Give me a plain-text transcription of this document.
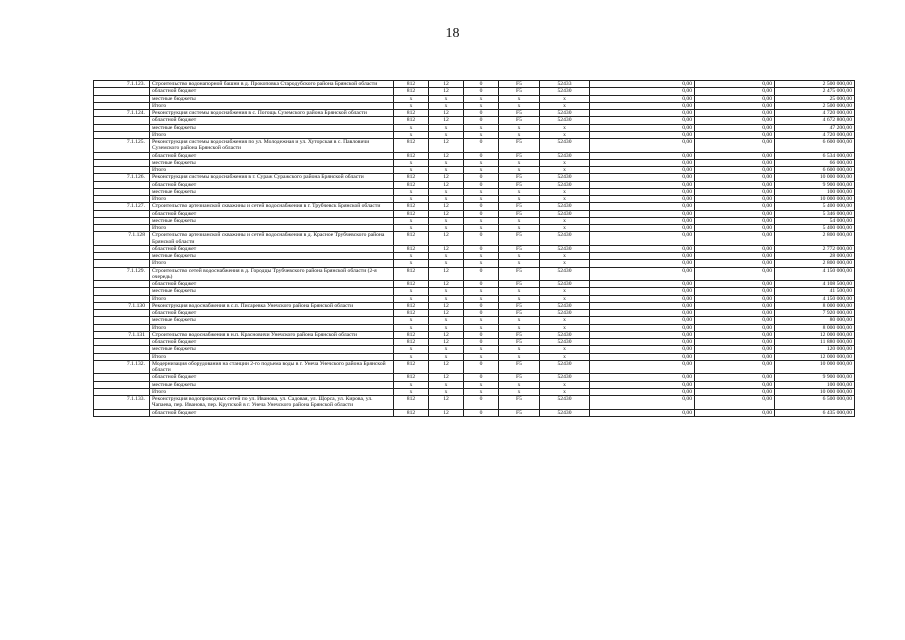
18
7.1.123.	Строительство водонапорной башни в д. Прокоповка Стародубского района Брянской области	812	12	0	F5	52433	0,00	0,00	2 500 000,00
	областной бюджет	812	12	0	F5	52430	0,00	0,00	2 475 000,00
	местные бюджеты	x	x	x	x	x	0,00	0,00	25 000,00
	Итого	x	x	x	x	x	0,00	0,00	2 500 000,00
7.1.124.	Реконструкция системы водоснабжения в с. Погощь Суземского района Брянской области	812	12	0	F5	52430	0,00	0,00	4 720 000,00
	областной бюджет	812	12	0	F5	52430	0,00	0,00	4 672 800,00
	местные бюджеты	x	x	x	x	x	0,00	0,00	47 200,00
	Итого	x	x	x	x	x	0,00	0,00	4 720 000,00
7.1.125.	Реконструкция системы водоснабжения по ул. Молодежная и ул. Хуторская в с. Павловичи Суземского района Брянской области	812	12	0	F5	52430	0,00	0,00	6 600 000,00
	областной бюджет	812	12	0	F5	52430	0,00	0,00	6 534 000,00
	местные бюджеты	x	x	x	x	x	0,00	0,00	66 000,00
	Итого	x	x	x	x	x	0,00	0,00	6 600 000,00
7.1.126.	Реконструкция системы водоснабжения в г. Сураж Суражского района Брянской области	812	12	0	F5	52430	0,00	0,00	10 000 000,00
	областной бюджет	812	12	0	F5	52430	0,00	0,00	9 900 000,00
	местные бюджеты	x	x	x	x	x	0,00	0,00	100 000,00
	Итого	x	x	x	x	x	0,00	0,00	10 000 000,00
7.1.127.	Строительство артезианской скважины и сетей водоснабжения в г. Трубчевск Брянской области	812	12	0	F5	52430	0,00	0,00	5 400 000,00
	областной бюджет	812	12	0	F5	52430	0,00	0,00	5 346 000,00
	местные бюджеты	x	x	x	x	x	0,00	0,00	54 000,00
	Итого	x	x	x	x	x	0,00	0,00	5 400 000,00
7.1.128	Строительство артезианской скважины и сетей водоснабжения в д. Красное Трубчевского района Брянской области	812	12	0	F5	52430	0,00	0,00	2 800 000,00
	областной бюджет	812	12	0	F5	52430	0,00	0,00	2 772 000,00
	местные бюджеты	x	x	x	x	x	0,00	0,00	28 000,00
	Итого	x	x	x	x	x	0,00	0,00	2 800 000,00
7.1.129.	Строительство сетей водоснабжения в д. Городцы Трубчевского района Брянской области (2-я очередь)	812	12	0	F5	52430	0,00	0,00	4 150 000,00
	областной бюджет	812	12	0	F5	52430	0,00	0,00	4 108 500,00
	местные бюджеты	x	x	x	x	x	0,00	0,00	41 500,00
	Итого	x	x	x	x	x	0,00	0,00	4 150 000,00
7.1.130	Реконструкция водоснабжения в с.п. Писаревка Унечского района Брянской области	812	12	0	F5	52430	0,00	0,00	8 000 000,00
	областной бюджет	812	12	0	F5	52430	0,00	0,00	7 920 000,00
	местные бюджеты	x	x	x	x	x	0,00	0,00	80 000,00
	Итого	x	x	x	x	x	0,00	0,00	8 000 000,00
7.1.131	Строительство водоснабжения в н.п. Красновичи Унечского района Брянской области	812	12	0	F5	52430	0,00	0,00	12 000 000,00
	областной бюджет	812	12	0	F5	52430	0,00	0,00	11 880 000,00
	местные бюджеты	x	x	x	x	x	0,00	0,00	120 000,00
	Итого	x	x	x	x	x	0,00	0,00	12 000 000,00
7.1.132.	Модернизация оборудования на станции 2-го подъема воды в г. Унеча Унечского района Брянской области	812	12	0	F5	52430	0,00	0,00	10 000 000,00
	областной бюджет	812	12	0	F5	52430	0,00	0,00	9 900 000,00
	местные бюджеты	x	x	x	x	x	0,00	0,00	100 000,00
	Итого	x	x	x	x	x	0,00	0,00	10 000 000,00
7.1.133.	Реконструкция водопроводных сетей по ул. Иванова, ул. Садовая, ул. Щорса, ул. Кирова, ул. Чапаева, пер. Иванова, пер. Крупской в г. Унеча Унечского района Брянской области	812	12	0	F5	52430	0,00	0,00	6 500 000,00
	областной бюджет	812	12	0	F5	52430	0,00	0,00	6 435 000,00
